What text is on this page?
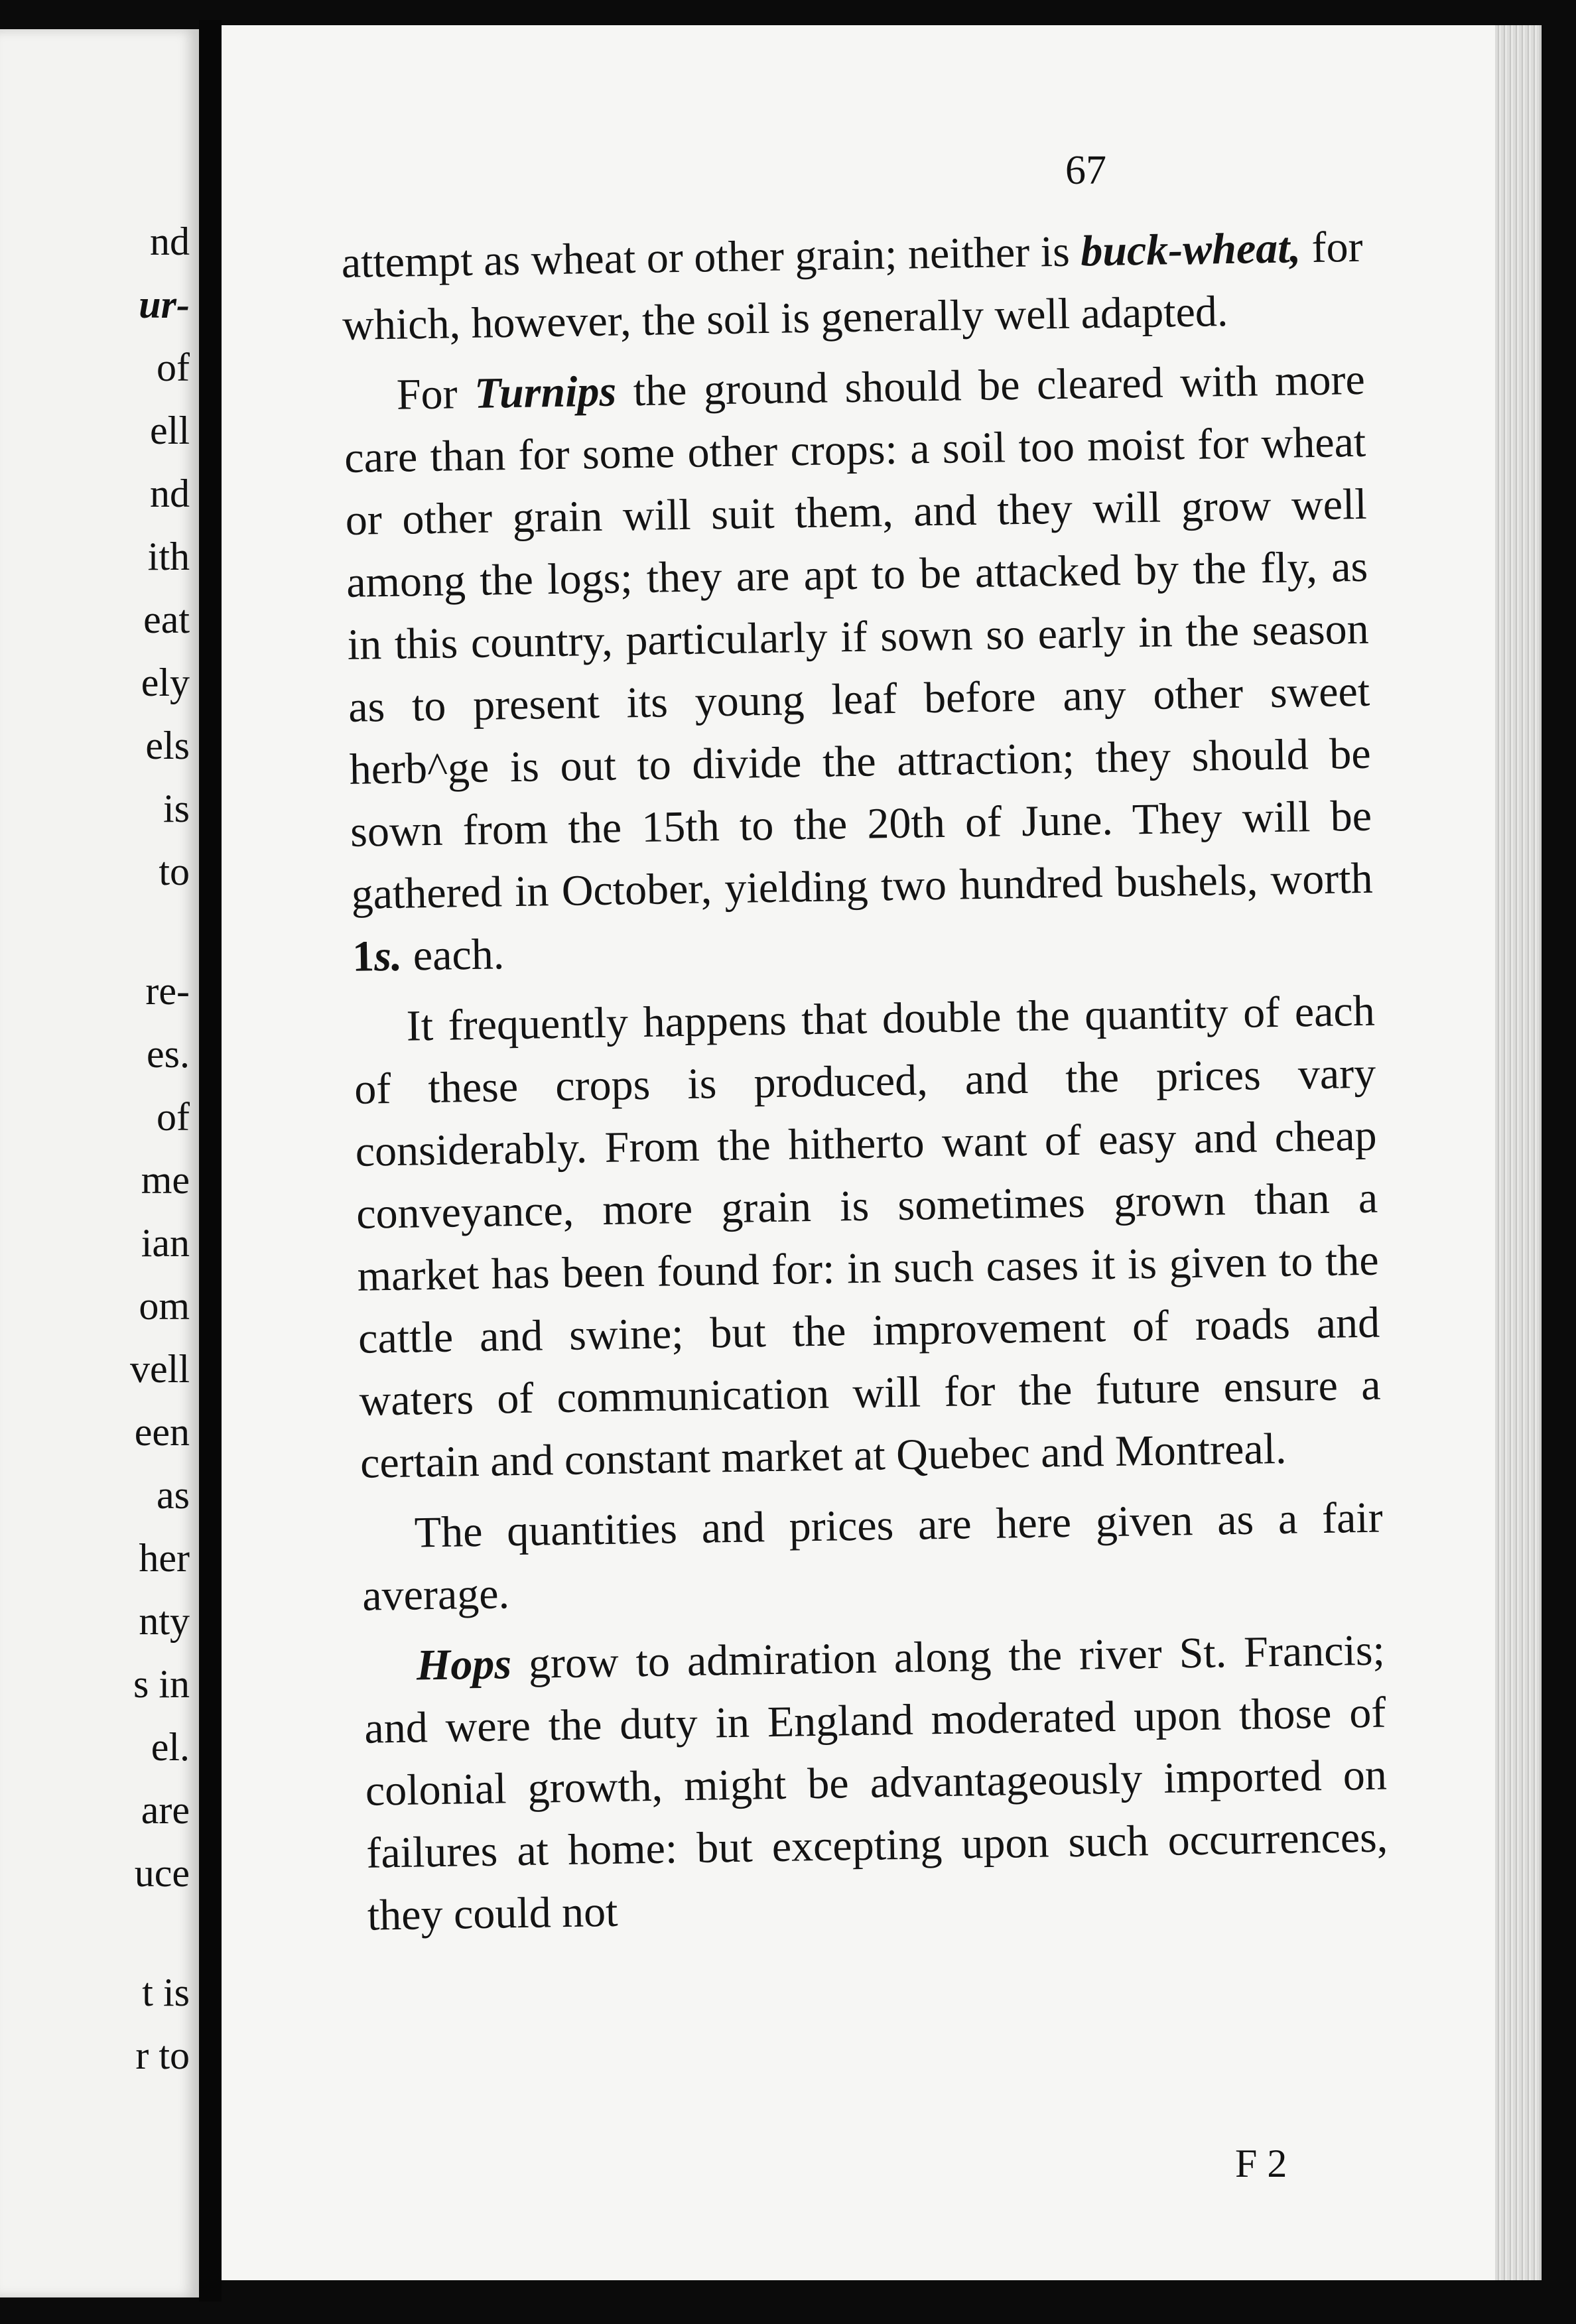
nd
ur-
of
ell
nd
ith
eat
ely
els
is
to
re-
es.
of
me
ian
om
vell
een
as
her
nty
s in
el.
are
uce
t is
r to
67

attempt as wheat or other grain; neither is buck-wheat, for which, however, the soil is generally well adapted.

For Turnips the ground should be cleared with more care than for some other crops: a soil too moist for wheat or other grain will suit them, and they will grow well among the logs; they are apt to be attacked by the fly, as in this country, particularly if sown so early in the season as to present its young leaf before any other sweet herb^ge is out to divide the attraction; they should be sown from the 15th to the 20th of June. They will be gathered in October, yielding two hundred bushels, worth 1s. each.

It frequently happens that double the quantity of each of these crops is produced, and the prices vary considerably. From the hitherto want of easy and cheap conveyance, more grain is sometimes grown than a market has been found for: in such cases it is given to the cattle and swine; but the improvement of roads and waters of communication will for the future ensure a certain and constant market at Quebec and Montreal.

The quantities and prices are here given as a fair average.

Hops grow to admiration along the river St. Francis; and were the duty in England moderated upon those of colonial growth, might be advantageously imported on failures at home: but excepting upon such occurrences, they could not

F 2
